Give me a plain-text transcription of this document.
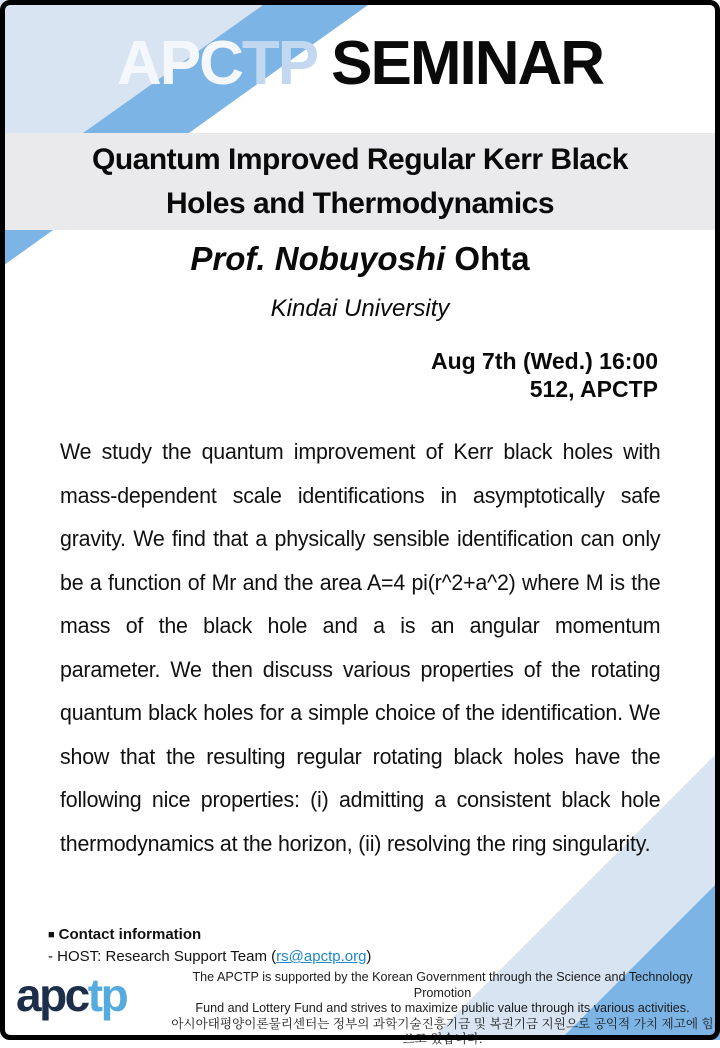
APCTP SEMINAR
Quantum Improved Regular Kerr Black
Holes and Thermodynamics
Prof. Nobuyoshi Ohta
Kindai University
Aug 7th (Wed.) 16:00
512, APCTP
We study the quantum improvement of Kerr black holes with mass-dependent scale identifications in asymptotically safe gravity. We find that a physically sensible identification can only be a function of Mr and the area A=4 pi(r^2+a^2) where M is the mass of the black hole and a is an angular momentum parameter. We then discuss various properties of the rotating quantum black holes for a simple choice of the identification. We show that the resulting regular rotating black holes have the following nice properties: (i) admitting a consistent black hole thermodynamics at the horizon, (ii) resolving the ring singularity.
■ Contact information
- HOST: Research Support Team (rs@apctp.org)
apctp	The APCTP is supported by the Korean Government through the Science and Technology Promotion
Fund and Lottery Fund and strives to maximize public value through its various activities.
아시아태평양이론물리센터는 정부의 과학기술진흥기금 및 복권기금 지원으로 공익적 가치 제고에 힘쓰고 있습니다.
